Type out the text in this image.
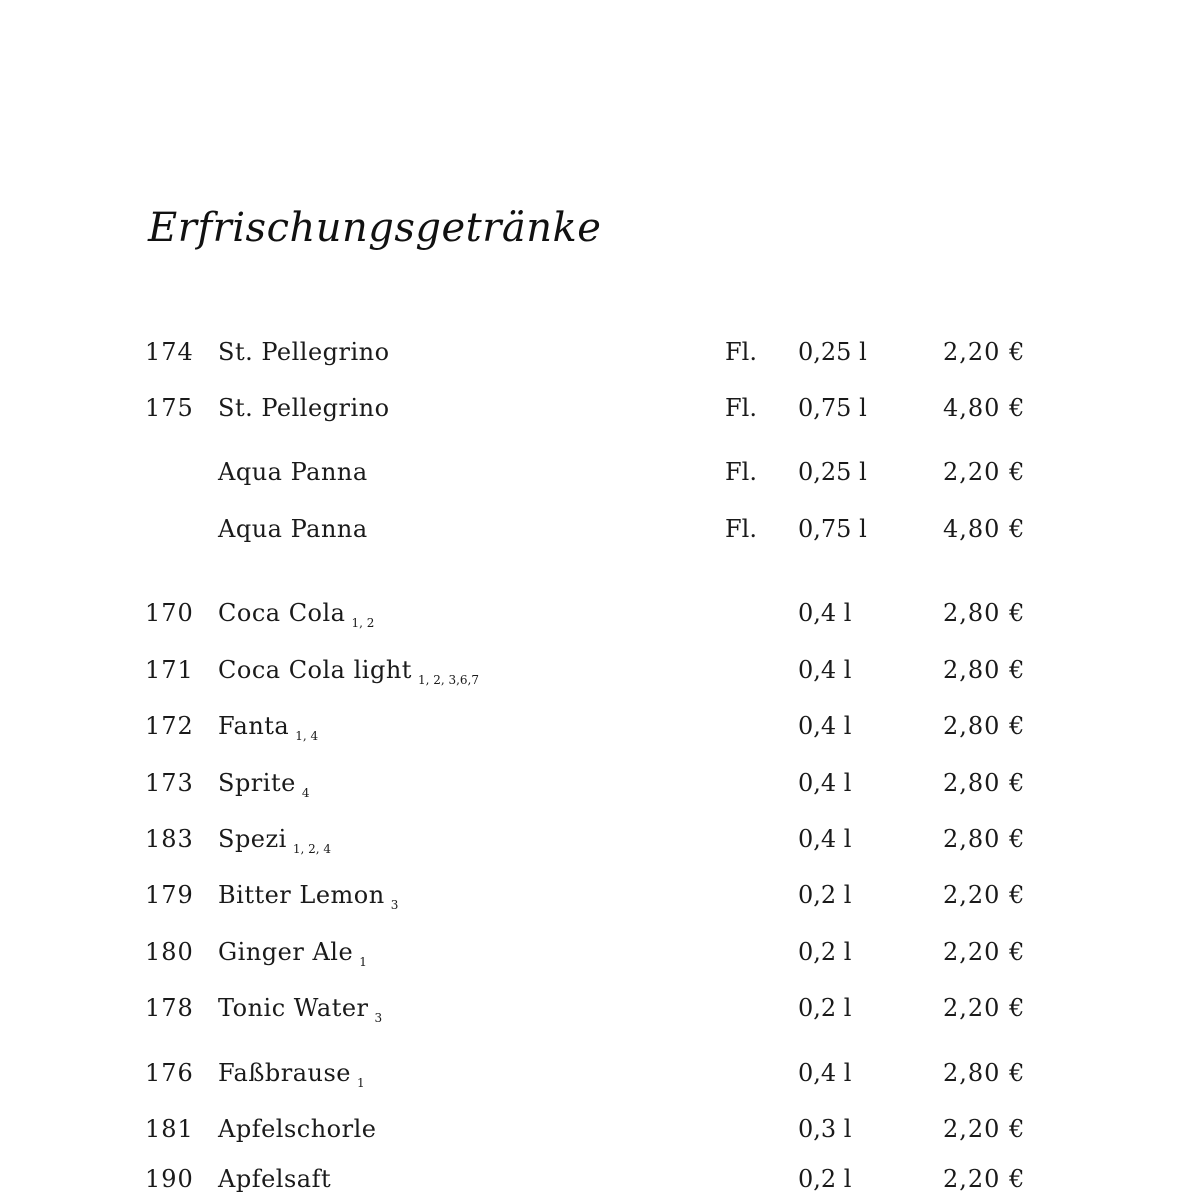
Erfrischungsgetränke
174 St. Pellegrino	Fl. 0,25 l	2,20 €
175 St. Pellegrino	Fl. 0,75 l	4,80 €
Aqua Panna	Fl. 0,25 l	2,20 €
Aqua Panna	Fl. 0,75 l	4,80 €
170 Coca Cola $_{1, 2}$	0,4 l	2,80 €
171 Coca Cola light $_{1, 2, 3,6,7}$	0,4 l	2,80 €
172 Fanta $_{1, 4}$	0,4 l	2,80 €
173 Sprite $_4$	0,4 l	2,80 €
183 Spezi $_{1, 2, 4}$	0,4 l	2,80 €
179 Bitter Lemon $_3$	0,2 l	2,20 €
180 Ginger Ale $_1$	0,2 l	2,20 €
178 Tonic Water $_3$	0,2 l	2,20 €
176 Faßbrause $_1$	0,4 l	2,80 €
181 Apfelschorle	0,3 l	2,20 €
190 Apfelsaft	0,2 l	2,20 €
